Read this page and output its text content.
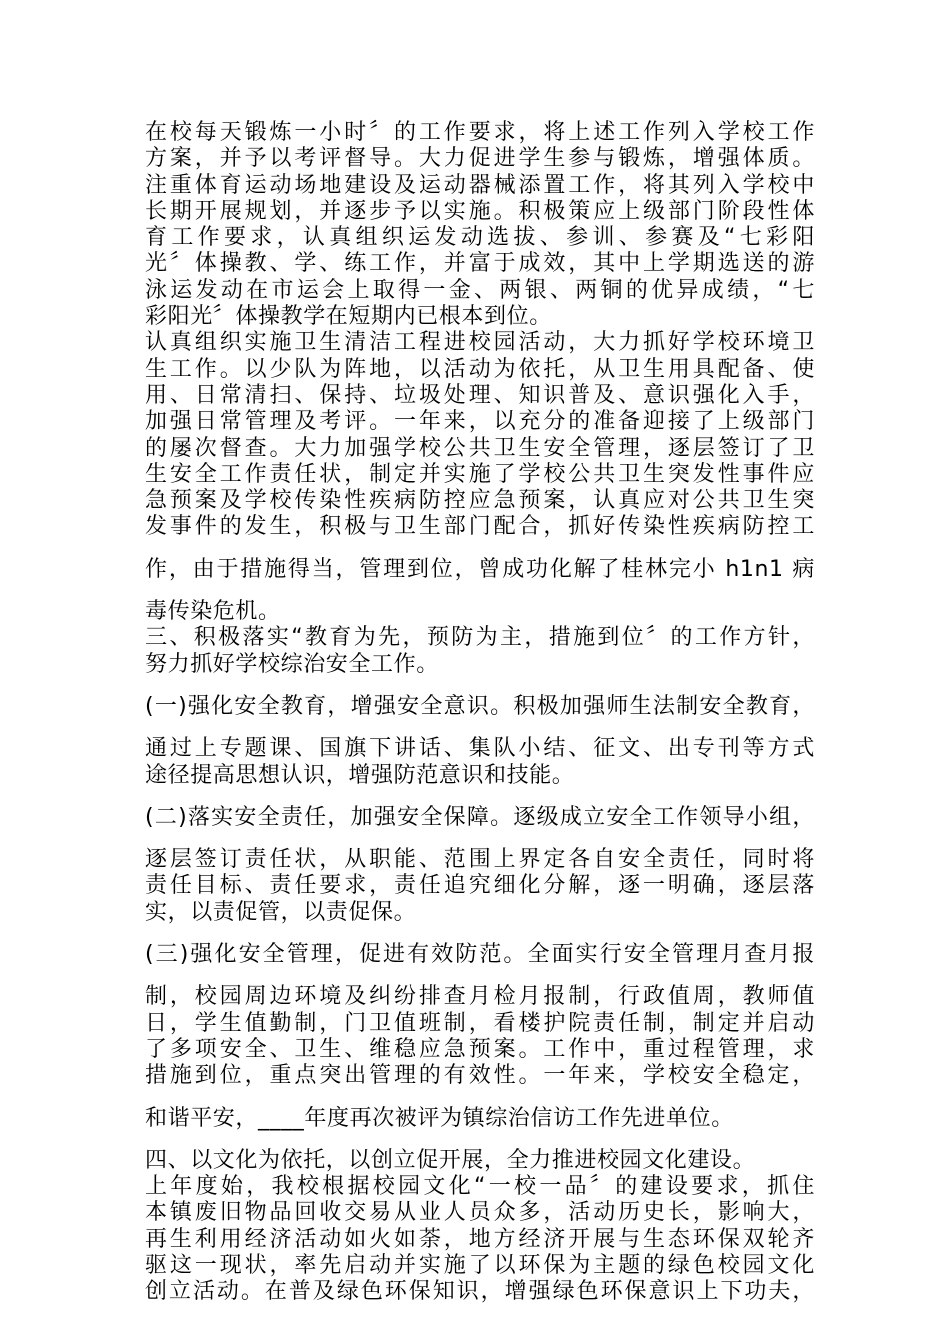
在校每天锻炼一小时〞的工作要求，将上述工作列入学校工作
方案，并予以考评督导。大力促进学生参与锻炼，增强体质。
注重体育运动场地建设及运动器械添置工作，将其列入学校中
长期开展规划，并逐步予以实施。积极策应上级部门阶段性体
育工作要求，认真组织运发动选拔、参训、参赛及“七彩阳
光〞体操教、学、练工作，并富于成效，其中上学期选送的游
泳运发动在市运会上取得一金、两银、两铜的优异成绩，“七
彩阳光〞体操教学在短期内已根本到位。
认真组织实施卫生清洁工程进校园活动，大力抓好学校环境卫
生工作。以少队为阵地，以活动为依托，从卫生用具配备、使
用、日常清扫、保持、垃圾处理、知识普及、意识强化入手，
加强日常管理及考评。一年来，以充分的准备迎接了上级部门
的屡次督查。大力加强学校公共卫生安全管理，逐层签订了卫
生安全工作责任状，制定并实施了学校公共卫生突发性事件应
急预案及学校传染性疾病防控应急预案，认真应对公共卫生突
发事件的发生，积极与卫生部门配合，抓好传染性疾病防控工
作，由于措施得当，管理到位，曾成功化解了桂林完小 h1n1 病
毒传染危机。
三、积极落实“教育为先，预防为主，措施到位〞的工作方针，
努力抓好学校综治安全工作。
(一)强化安全教育，增强安全意识。积极加强师生法制安全教育，
通过上专题课、国旗下讲话、集队小结、征文、出专刊等方式
途径提高思想认识，增强防范意识和技能。
(二)落实安全责任，加强安全保障。逐级成立安全工作领导小组，
逐层签订责任状，从职能、范围上界定各自安全责任，同时将
责任目标、责任要求，责任追究细化分解，逐一明确，逐层落
实，以责促管，以责促保。
(三)强化安全管理，促进有效防范。全面实行安全管理月查月报
制，校园周边环境及纠纷排查月检月报制，行政值周，教师值
日，学生值勤制，门卫值班制，看楼护院责任制，制定并启动
了多项安全、卫生、维稳应急预案。工作中，重过程管理，求
措施到位，重点突出管理的有效性。一年来，学校安全稳定，
和谐平安，____年度再次被评为镇综治信访工作先进单位。
四、以文化为依托，以创立促开展，全力推进校园文化建设。
上年度始，我校根据校园文化“一校一品〞的建设要求，抓住
本镇废旧物品回收交易从业人员众多，活动历史长，影响大，
再生利用经济活动如火如荼，地方经济开展与生态环保双轮齐
驱这一现状，率先启动并实施了以环保为主题的绿色校园文化
创立活动。在普及绿色环保知识，增强绿色环保意识上下功夫，
